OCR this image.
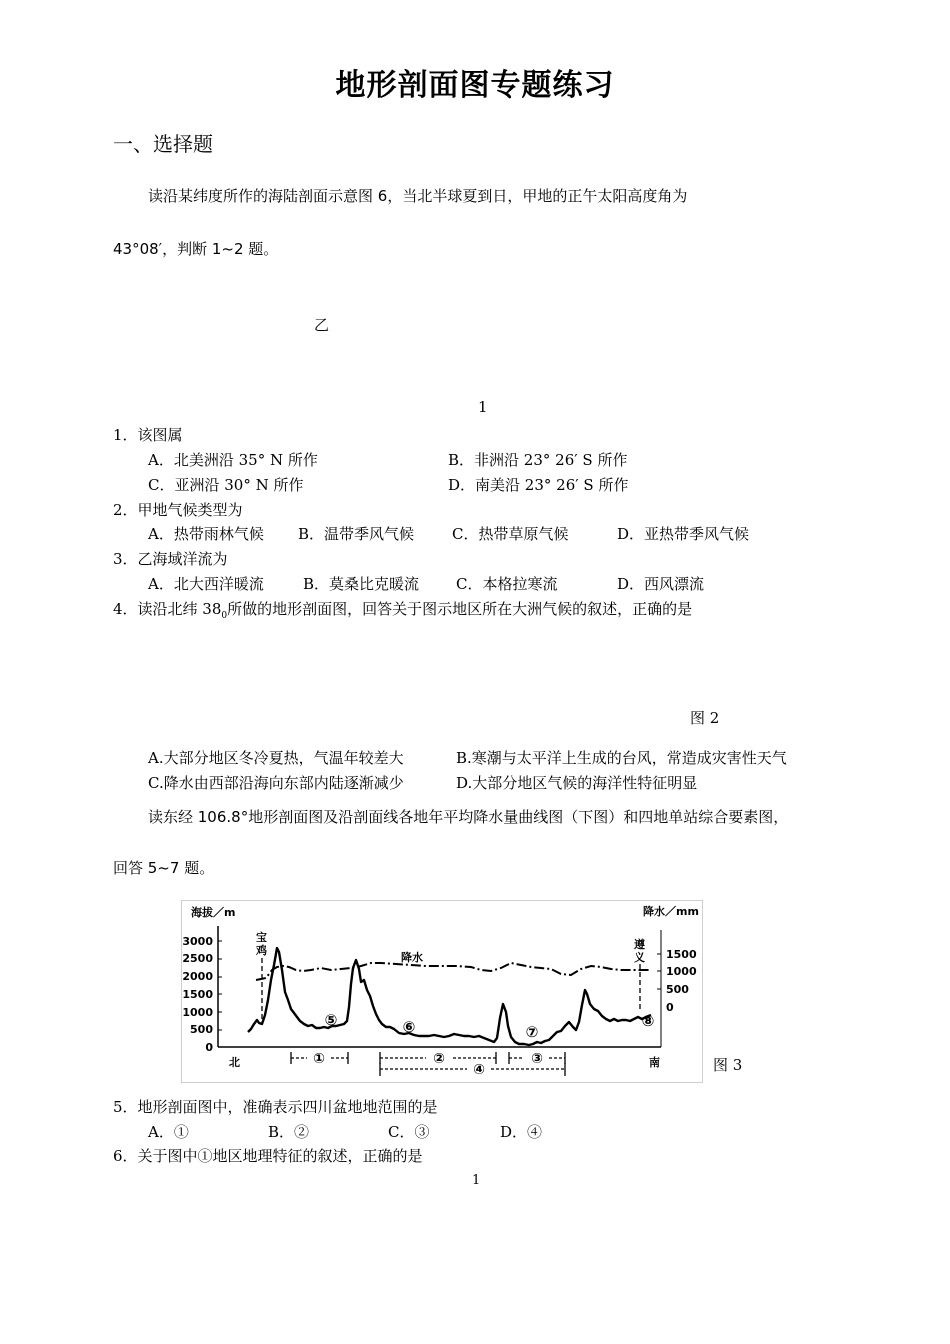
地形剖面图专题练习
一、选择题
读沿某纬度所作的海陆剖面示意图 6，当北半球夏到日，甲地的正午太阳高度角为
43°08′，判断 1~2 题。
乙
1
1．该图属
A．北美洲沿 35° N 所作	B．非洲沿 23° 26′ S 所作
C．亚洲沿 30° N 所作	D．南美沿 23° 26′ S 所作
2．甲地气候类型为
A．热带雨林气候 B．温带季风气候	C．热带草原气候	D．亚热带季风气候
3．乙海域洋流为
A．北大西洋暖流	B．莫桑比克暖流 C．本格拉寒流	D．西风漂流
4．读沿北纬 $38_0$所做的地形剖面图，回答关于图示地区所在大洲气候的叙述，正确的是
图 2
A.大部分地区冬冷夏热，气温年较差大	B.寒潮与太平洋上生成的台风，常造成灾害性天气
C.降水由西部沿海向东部内陆逐渐减少	D.大部分地区气候的海洋性特征明显
读东经 106.8°地形剖面图及沿剖面线各地年平均降水量曲线图（下图）和四地单站综合要素图，
回答 5~7 题。
海拔／m	降水／mm
3000
2500
2000
1500
1000
500
0
1500
1000
500
0
宝
鸡	遵
义
降水
⑤	⑥	⑦
⑧
北	南
①	②	③
④	图 3
5．地形剖面图中，准确表示四川盆地地范围的是
A．①	B．②	C．③	D．④
6．关于图中①地区地理特征的叙述，正确的是
1
